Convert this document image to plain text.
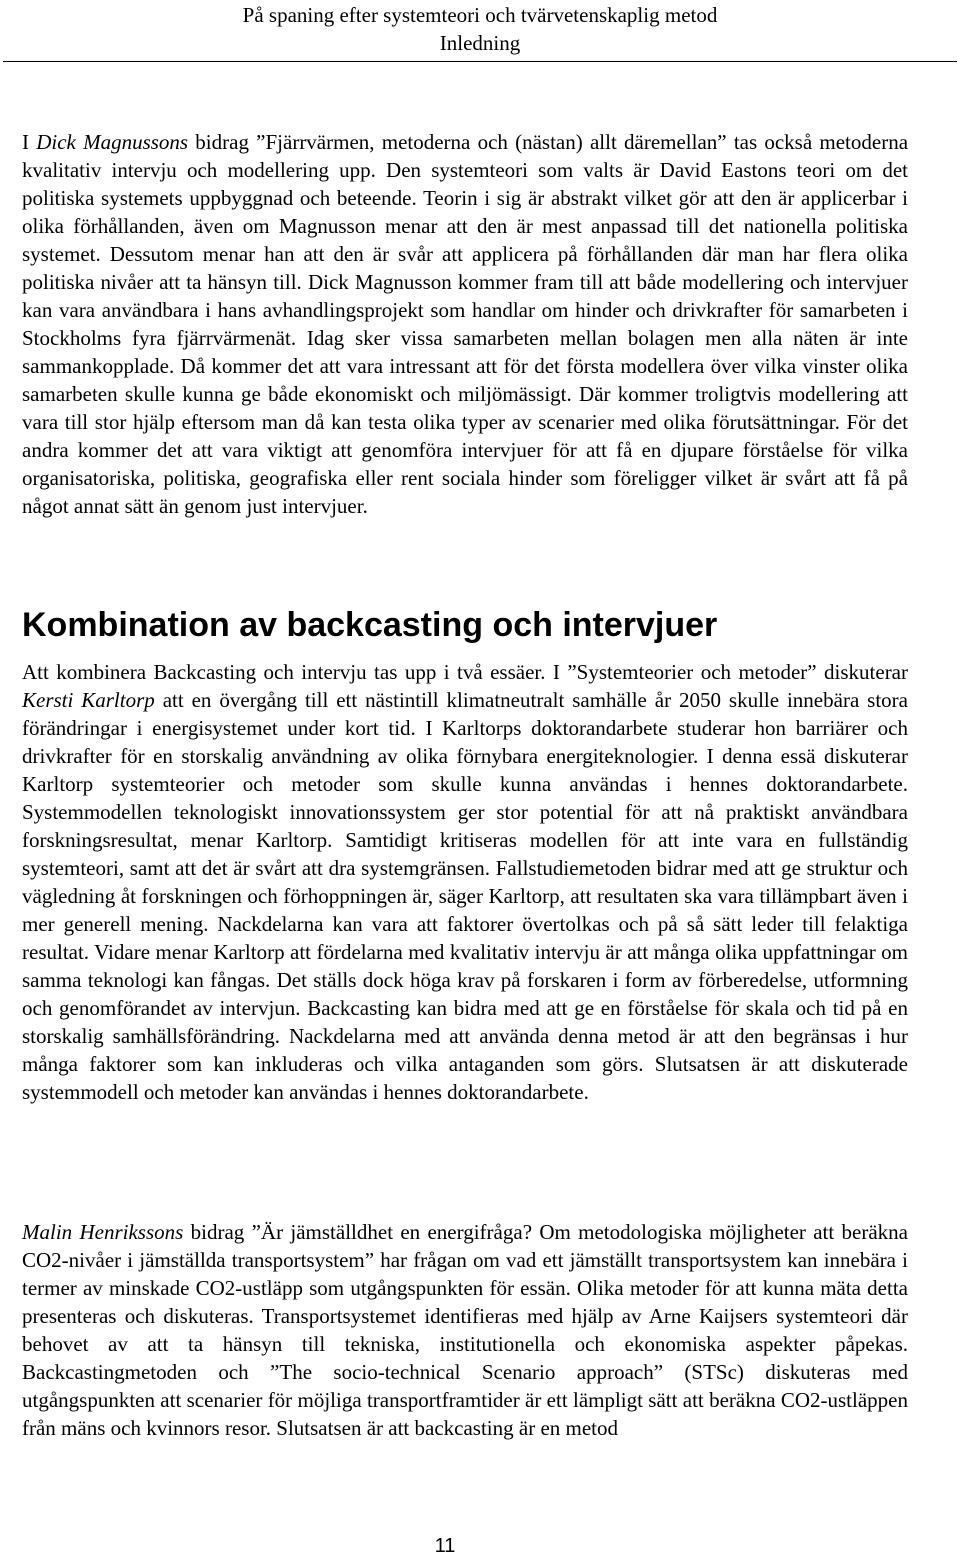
På spaning efter systemteori och tvärvetenskaplig metod
Inledning

I Dick Magnussons bidrag ”Fjärrvärmen, metoderna och (nästan) allt däremellan” tas också metoderna kvalitativ intervju och modellering upp. Den systemteori som valts är David Eastons teori om det politiska systemets uppbyggnad och beteende. Teorin i sig är abstrakt vilket gör att den är applicerbar i olika förhållanden, även om Magnusson menar att den är mest anpassad till det nationella politiska systemet. Dessutom menar han att den är svår att applicera på förhållanden där man har flera olika politiska nivåer att ta hänsyn till. Dick Magnusson kommer fram till att både modellering och intervjuer kan vara användbara i hans avhandlingsprojekt som handlar om hinder och drivkrafter för samarbeten i Stockholms fyra fjärrvärmenät. Idag sker vissa samarbeten mellan bolagen men alla näten är inte sammankopplade. Då kommer det att vara intressant att för det första modellera över vilka vinster olika samarbeten skulle kunna ge både ekonomiskt och miljömässigt. Där kommer troligtvis modellering att vara till stor hjälp eftersom man då kan testa olika typer av scenarier med olika förutsättningar. För det andra kommer det att vara viktigt att genomföra intervjuer för att få en djupare förståelse för vilka organisatoriska, politiska, geografiska eller rent sociala hinder som föreligger vilket är svårt att få på något annat sätt än genom just intervjuer.

Kombination av backcasting och intervjuer

Att kombinera Backcasting och intervju tas upp i två essäer. I ”Systemteorier och metoder” diskuterar Kersti Karltorp att en övergång till ett nästintill klimatneutralt samhälle år 2050 skulle innebära stora förändringar i energisystemet under kort tid. I Karltorps doktorandarbete studerar hon barriärer och drivkrafter för en storskalig användning av olika förnybara energiteknologier. I denna essä diskuterar Karltorp systemteorier och metoder som skulle kunna användas i hennes doktorandarbete. Systemmodellen teknologiskt innovationssystem ger stor potential för att nå praktiskt användbara forskningsresultat, menar Karltorp. Samtidigt kritiseras modellen för att inte vara en fullständig systemteori, samt att det är svårt att dra systemgränsen. Fallstudiemetoden bidrar med att ge struktur och vägledning åt forskningen och förhoppningen är, säger Karltorp, att resultaten ska vara tillämpbart även i mer generell mening. Nackdelarna kan vara att faktorer övertolkas och på så sätt leder till felaktiga resultat. Vidare menar Karltorp att fördelarna med kvalitativ intervju är att många olika uppfattningar om samma teknologi kan fångas. Det ställs dock höga krav på forskaren i form av förberedelse, utformning och genomförandet av intervjun. Backcasting kan bidra med att ge en förståelse för skala och tid på en storskalig samhällsförändring. Nackdelarna med att använda denna metod är att den begränsas i hur många faktorer som kan inkluderas och vilka antaganden som görs. Slutsatsen är att diskuterade systemmodell och metoder kan användas i hennes doktorandarbete.

Malin Henrikssons bidrag ”Är jämställdhet en energifråga? Om metodologiska möjligheter att beräkna CO2-nivåer i jämställda transportsystem” har frågan om vad ett jämställt transportsystem kan innebära i termer av minskade CO2-ustläpp som utgångspunkten för essän. Olika metoder för att kunna mäta detta presenteras och diskuteras. Transportsystemet identifieras med hjälp av Arne Kaijsers systemteori där behovet av att ta hänsyn till tekniska, institutionella och ekonomiska aspekter påpekas. Backcastingmetoden och ”The socio-technical Scenario approach” (STSc) diskuteras med utgångspunkten att scenarier för möjliga transportframtider är ett lämpligt sätt att beräkna CO2-ustläppen från mäns och kvinnors resor. Slutsatsen är att backcasting är en metod

11
